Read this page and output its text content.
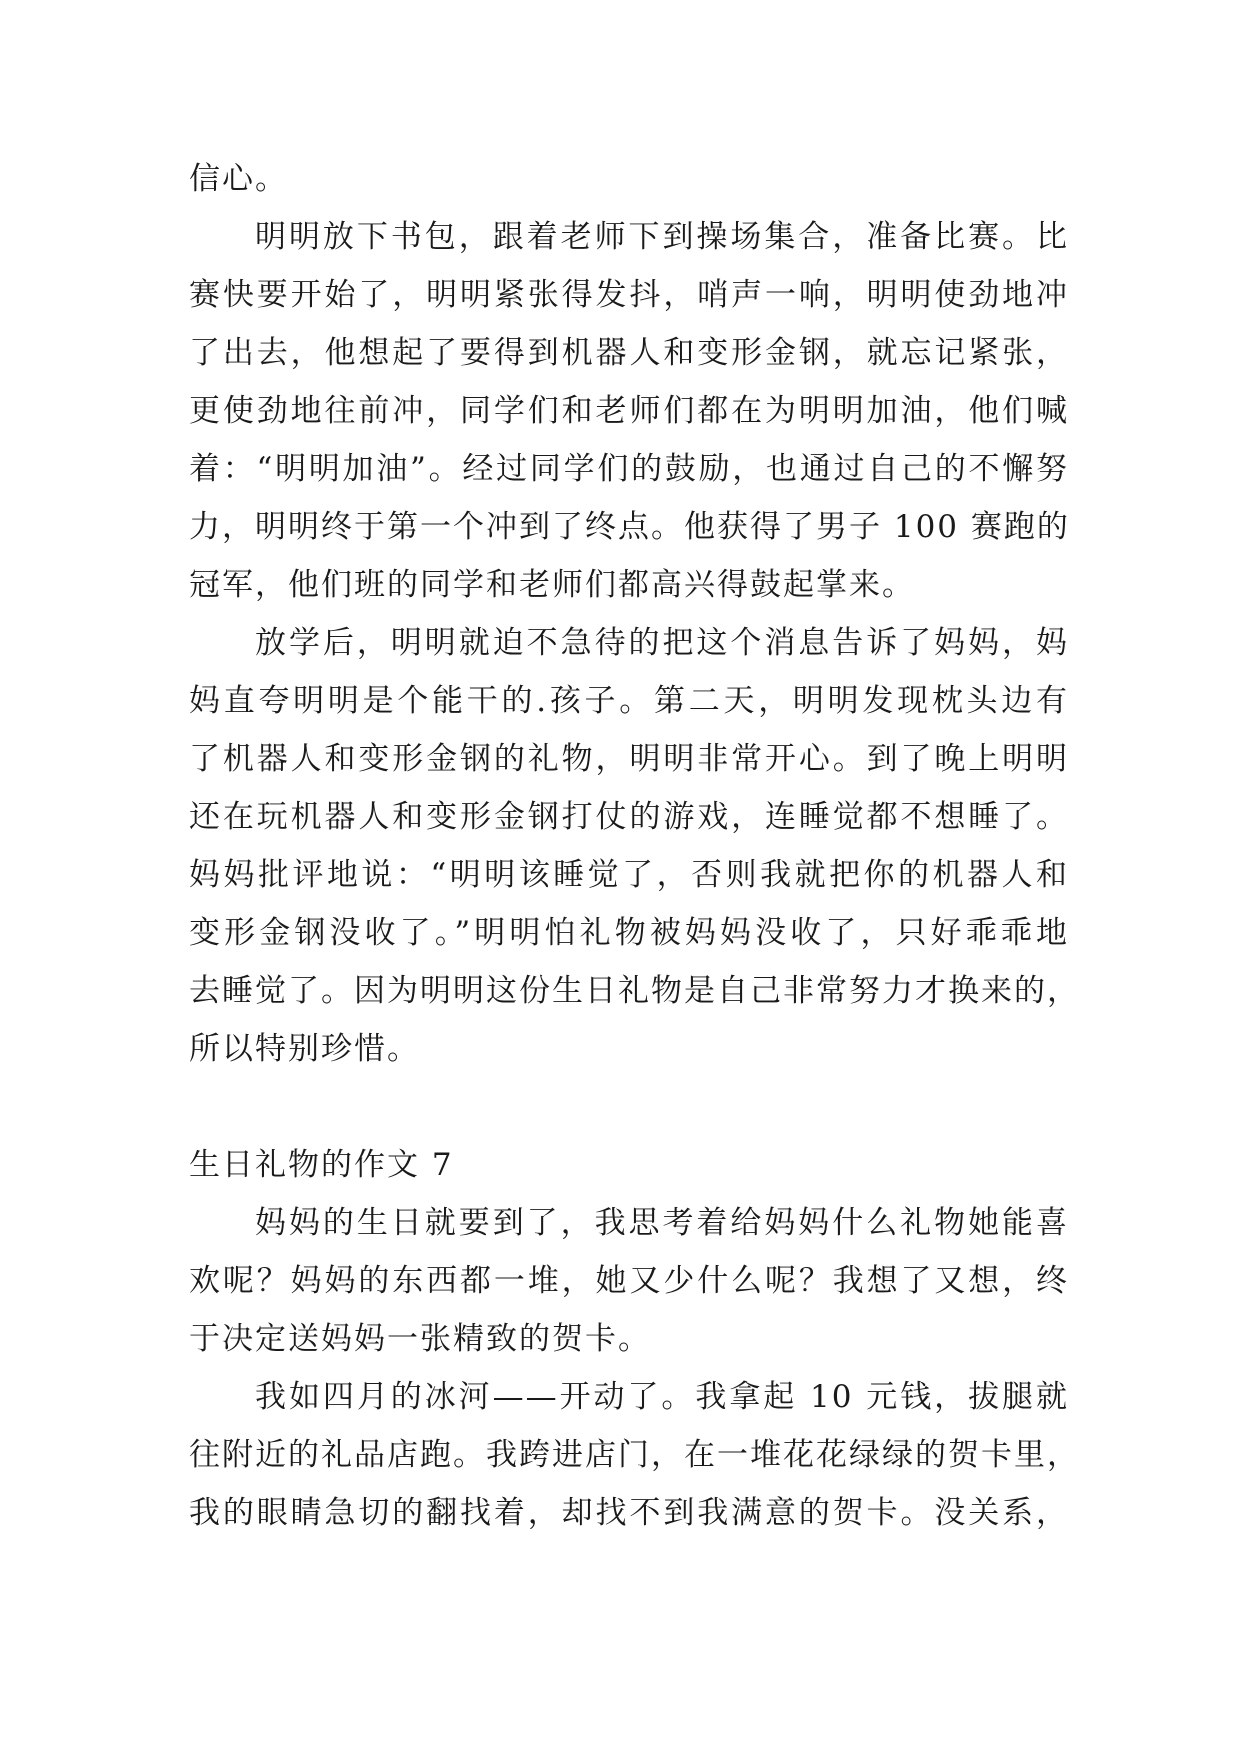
信心。
明明放下书包，跟着老师下到操场集合，准备比赛。比
赛快要开始了，明明紧张得发抖，哨声一响，明明使劲地冲
了出去，他想起了要得到机器人和变形金钢，就忘记紧张，
更使劲地往前冲，同学们和老师们都在为明明加油，他们喊
着：“明明加油”。经过同学们的鼓励，也通过自己的不懈努
力，明明终于第一个冲到了终点。他获得了男子 100 赛跑的
冠军，他们班的同学和老师们都高兴得鼓起掌来。
放学后，明明就迫不急待的把这个消息告诉了妈妈，妈
妈直夸明明是个能干的.孩子。第二天，明明发现枕头边有
了机器人和变形金钢的礼物，明明非常开心。到了晚上明明
还在玩机器人和变形金钢打仗的游戏，连睡觉都不想睡了。
妈妈批评地说：“明明该睡觉了，否则我就把你的机器人和
变形金钢没收了。”明明怕礼物被妈妈没收了，只好乖乖地
去睡觉了。因为明明这份生日礼物是自己非常努力才换来的，
所以特别珍惜。
生日礼物的作文 7
妈妈的生日就要到了，我思考着给妈妈什么礼物她能喜
欢呢？妈妈的东西都一堆，她又少什么呢？我想了又想，终
于决定送妈妈一张精致的贺卡。
我如四月的冰河——开动了。我拿起 10 元钱，拔腿就
往附近的礼品店跑。我跨进店门，在一堆花花绿绿的贺卡里，
我的眼睛急切的翻找着，却找不到我满意的贺卡。没关系，
